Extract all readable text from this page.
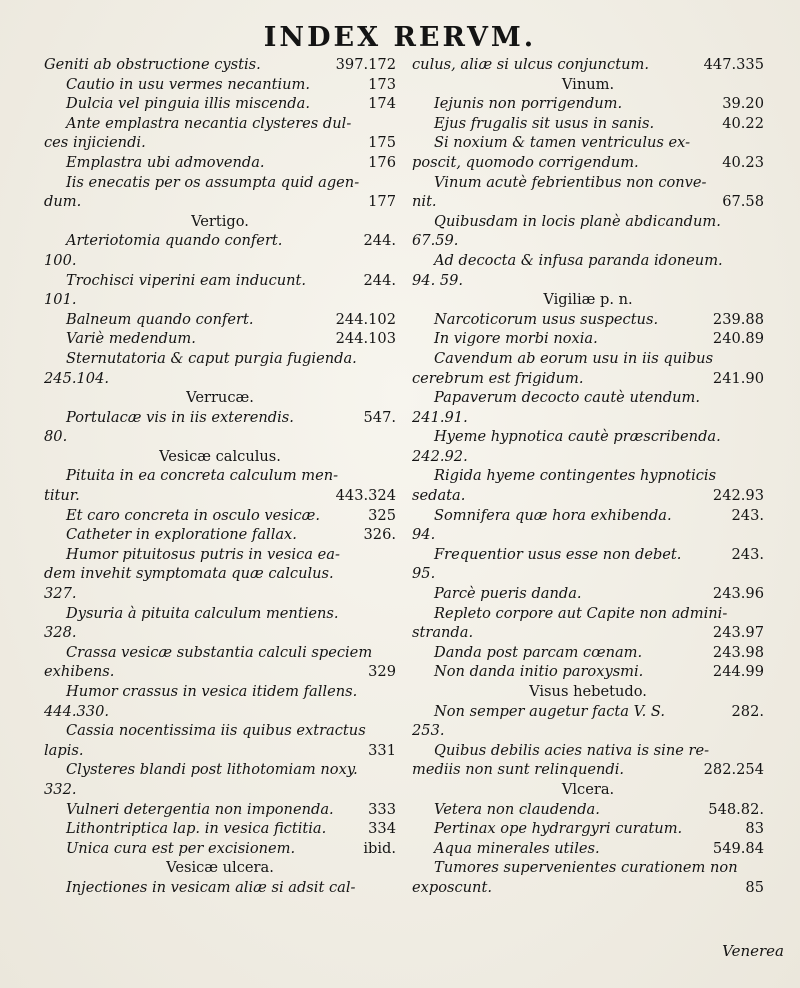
INDEX RERVM.
Geniti ab obstructione cystis.	397.172
Cautio in usu vermes necantium.	173
Dulcia vel pinguia illis miscenda.	174
Ante emplastra necantia clysteres dul-
ces injiciendi.	175
Emplastra ubi admovenda.	176
Iis enecatis per os assumpta quid agen-
dum.	177
Vertigo.
Arteriotomia quando confert.	244.
100.
Trochisci viperini eam inducunt.	244.
101.
Balneum quando confert.	244.102
Variè medendum.	244.103
Sternutatoria & caput purgia fugienda.
245.104.
Verrucæ.
Portulacæ vis in iis exterendis.	547.
80.
Vesicæ calculus.
Pituita in ea concreta calculum men-
titur.	443.324
Et caro concreta in osculo vesicæ.	325
Catheter in exploratione fallax.	326.
Humor pituitosus putris in vesica ea-
dem invehit symptomata quæ calculus.
327.
Dysuria à pituita calculum mentiens.
328.
Crassa vesicæ substantia calculi speciem
exhibens.	329
Humor crassus in vesica itidem fallens.
444.330.
Cassia nocentissima iis quibus extractus
lapis.	331
Clysteres blandi post lithotomiam noxy.
332.
Vulneri detergentia non imponenda. 333
Lithontriptica lap. in vesica fictitia.	334
Unica cura est per excisionem.	ibid.
Vesicæ ulcera.
Injectiones in vesicam aliæ si adsit cal-
culus, aliæ si ulcus conjunctum.	447.335
Vinum.
Iejunis non porrigendum.	39.20
Ejus frugalis sit usus in sanis.	40.22
Si noxium & tamen ventriculus ex-
poscit, quomodo corrigendum.	40.23
Vinum acutè febrientibus non conve-
nit.	67.58
Quibusdam in locis planè abdicandum.
67.59.
Ad decocta & infusa paranda idoneum.
94. 59.
Vigiliæ p. n.
Narcoticorum usus suspectus.	239.88
In vigore morbi noxia.	240.89
Cavendum ab eorum usu in iis quibus
cerebrum est frigidum.	241.90
Papaverum decocto cautè utendum.
241.91.
Hyeme hypnotica cautè præscribenda.
242.92.
Rigida hyeme contingentes hypnoticis
sedata.	242.93
Somnifera quæ hora exhibenda.	243.
94.
Frequentior usus esse non debet.	243.
95.
Parcè pueris danda.	243.96
Repleto corpore aut Capite non admini-
stranda.	243.97
Danda post parcam cœnam.	243.98
Non danda initio paroxysmi.	244.99
Visus hebetudo.
Non semper augetur facta V. S.	282.
253.
Quibus debilis acies nativa is sine re-
mediis non sunt relinquendi.	282.254
Vlcera.
Vetera non claudenda.	548.82.
Pertinax ope hydrargyri curatum.	83
Aqua minerales utiles.	549.84
Tumores supervenientes curationem non
exposcunt.	85
Venerea
